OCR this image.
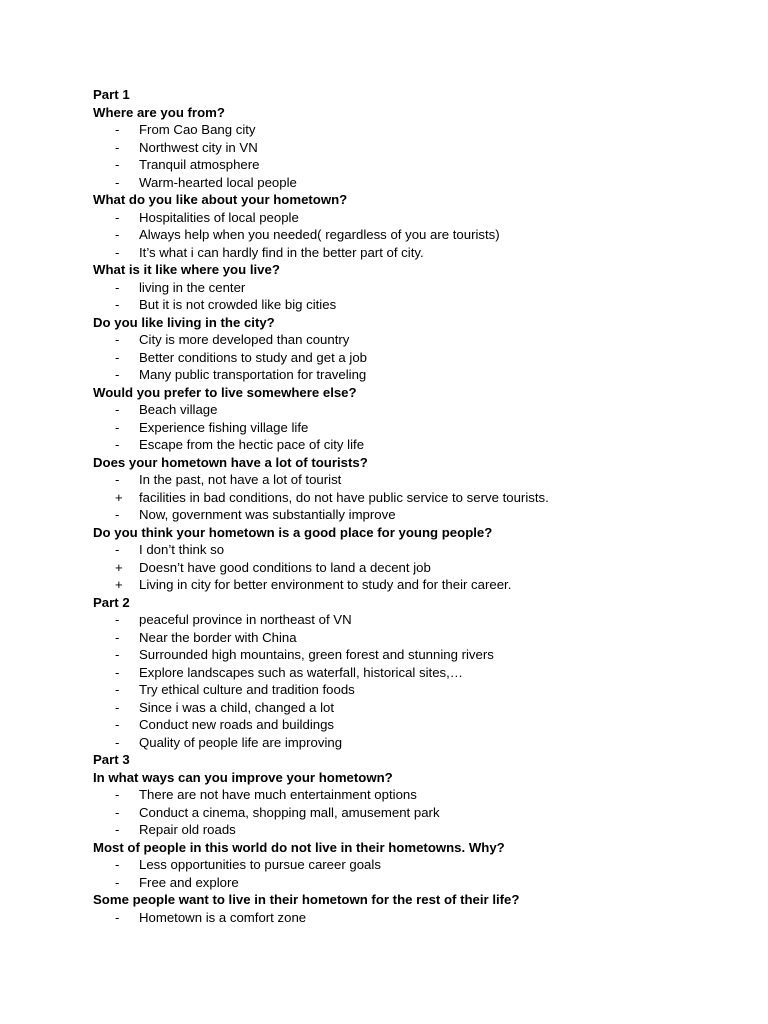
Part 1
Where are you from?
-	From Cao Bang city
-	Northwest city in VN
-	Tranquil atmosphere
-	Warm-hearted local people
What do you like about your hometown?
-	Hospitalities of local people
-	Always help when you needed( regardless of you are tourists)
-	It’s what i can hardly find in the better part of city.
What is it like where you live?
-	living in the center
-	But it is not crowded like big cities
Do you like living in the city?
-	City is more developed than country
-	Better conditions to study and get a job
-	Many public transportation for traveling
Would you prefer to live somewhere else?
-	Beach village
-	Experience fishing village life
-	Escape from the hectic pace of city life
Does your hometown have a lot of tourists?
-	In the past, not have a lot of tourist
+ facilities in bad conditions, do not have public service to serve tourists.
-	Now, government was substantially improve
Do you think your hometown is a good place for young people?
-	I don’t think so
+ Doesn’t have good conditions to land a decent job
+ Living in city for better environment to study and for their career.
Part 2
-	peaceful province in northeast of VN
-	Near the border with China
-	Surrounded high mountains, green forest and stunning rivers
-	Explore landscapes such as waterfall, historical sites,…
-	Try ethical culture and tradition foods
-	Since i was a child, changed a lot
-	Conduct new roads and buildings
-	Quality of people life are improving
Part 3
In what ways can you improve your hometown?
-	There are not have much entertainment options
-	Conduct a cinema, shopping mall, amusement park
-	Repair old roads
Most of people in this world do not live in their hometowns. Why?
-	Less opportunities to pursue career goals
-	Free and explore
Some people want to live in their hometown for the rest of their life?
-	Hometown is a comfort zone
